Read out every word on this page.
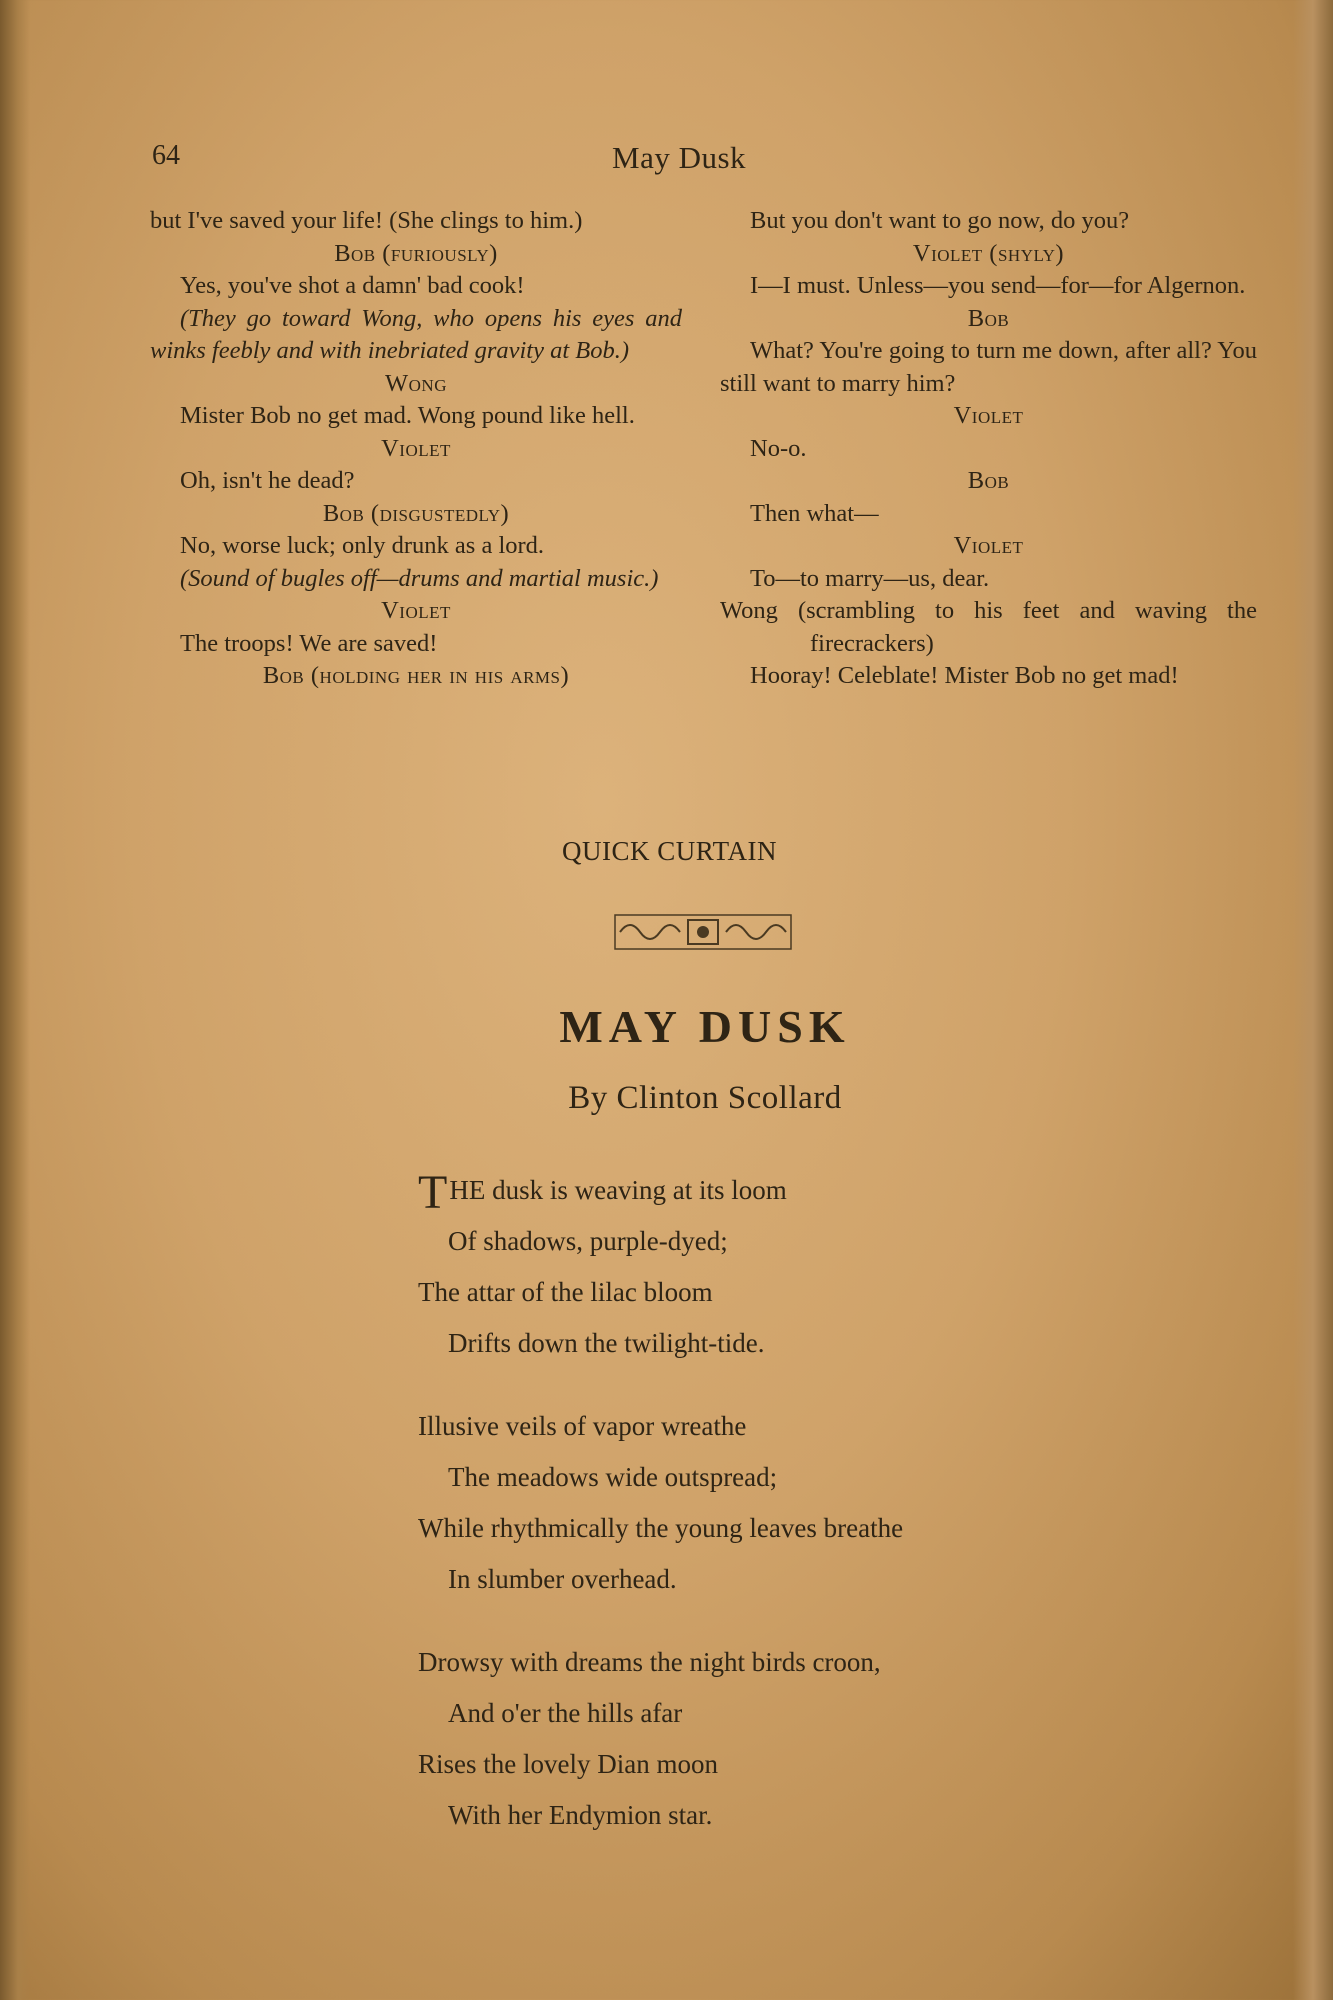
64	May Dusk

but I've saved your life! (She clings to him.)

Bob (furiously)

Yes, you've shot a damn' bad cook!

(They go toward Wong, who opens his eyes and winks feebly and with inebriated gravity at Bob.)

Wong

Mister Bob no get mad. Wong pound like hell.

Violet

Oh, isn't he dead?

Bob (disgustedly)

No, worse luck; only drunk as a lord.

(Sound of bugles off—drums and martial music.)

Violet

The troops! We are saved!

Bob (holding her in his arms)

But you don't want to go now, do you?

Violet (shyly)

I—I must. Unless—you send—for—for Algernon.

Bob

What? You're going to turn me down, after all? You still want to marry him?

Violet

No-o.

Bob

Then what—

Violet

To—to marry—us, dear.

Wong (scrambling to his feet and waving the firecrackers)

Hooray! Celeblate! Mister Bob no get mad!

QUICK CURTAIN
MAY DUSK
By Clinton Scollard
T HE dusk is weaving at its loom
Of shadows, purple-dyed;
The attar of the lilac bloom
Drifts down the twilight-tide.
Illusive veils of vapor wreathe
The meadows wide outspread;
While rhythmically the young leaves breathe
In slumber overhead.
Drowsy with dreams the night birds croon,
And o'er the hills afar
Rises the lovely Dian moon
With her Endymion star.
